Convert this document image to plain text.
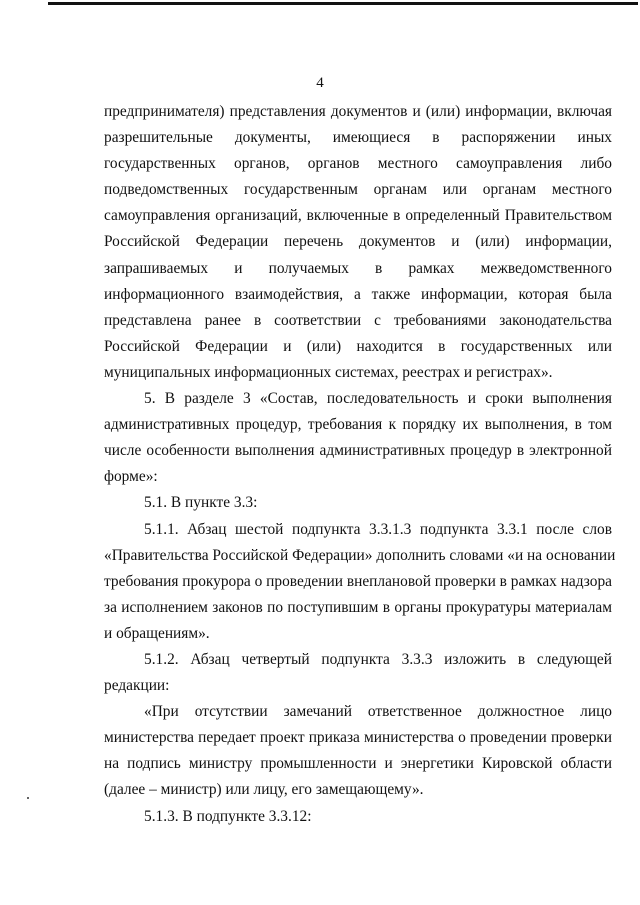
4
предпринимателя) представления документов и (или) информации, включая
разрешительные документы, имеющиеся в распоряжении иных
государственных органов, органов местного самоуправления либо
подведомственных государственным органам или органам местного
самоуправления организаций, включенные в определенный Правительством
Российской Федерации перечень документов и (или) информации,
запрашиваемых и получаемых в рамках межведомственного
информационного взаимодействия, а также информации, которая была
представлена ранее в соответствии с требованиями законодательства
Российской Федерации и (или) находится в государственных или
муниципальных информационных системах, реестрах и регистрах».
5. В разделе 3 «Состав, последовательность и сроки выполнения
административных процедур, требования к порядку их выполнения, в том
числе особенности выполнения административных процедур в электронной
форме»:
5.1. В пункте 3.3:
5.1.1. Абзац шестой подпункта 3.3.1.3 подпункта 3.3.1 после слов
«Правительства Российской Федерации» дополнить словами «и на основании
требования прокурора о проведении внеплановой проверки в рамках надзора
за исполнением законов по поступившим в органы прокуратуры материалам
и обращениям».
5.1.2. Абзац четвертый подпункта 3.3.3 изложить в следующей
редакции:
«При отсутствии замечаний ответственное должностное лицо
министерства передает проект приказа министерства о проведении проверки
на подпись министру промышленности и энергетики Кировской области
(далее – министр) или лицу, его замещающему».
5.1.3. В подпункте 3.3.12:
